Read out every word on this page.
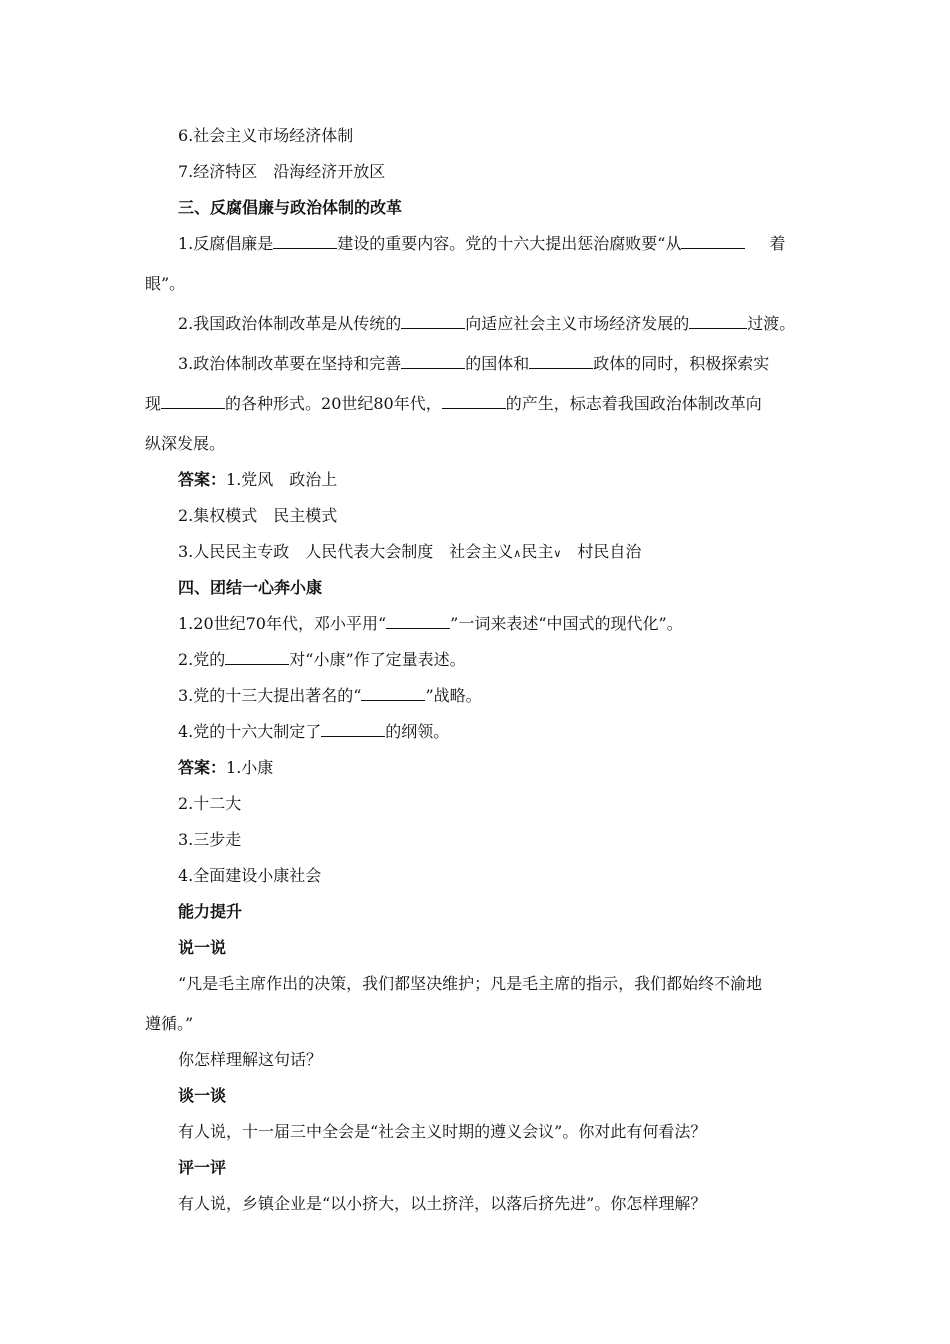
6.社会主义市场经济体制
7.经济特区　沿海经济开放区
三、反腐倡廉与政治体制的改革
1.反腐倡廉是	建设的重要内容。党的十六大提出惩治腐败要“从	着
眼”。
2.我国政治体制改革是从传统的	向适应社会主义市场经济发展的	过渡。
3.政治体制改革要在坚持和完善	的国体和	政体的同时，积极探索实
现	的各种形式。20世纪80年代，	的产生，标志着我国政治体制改革向
纵深发展。
答案：1.党风　政治上
2.集权模式　民主模式
3.人民民主专政　人民代表大会制度　社会主义∧民主∨　村民自治
四、团结一心奔小康
1.20世纪70年代，邓小平用“	”一词来表述“中国式的现代化”。
2.党的	对“小康”作了定量表述。
3.党的十三大提出著名的“	”战略。
4.党的十六大制定了	的纲领。
答案：1.小康
2.十二大
3.三步走
4.全面建设小康社会
能力提升
说一说
“凡是毛主席作出的决策，我们都坚决维护；凡是毛主席的指示，我们都始终不渝地
遵循。”
你怎样理解这句话？
谈一谈
有人说，十一届三中全会是“社会主义时期的遵义会议”。你对此有何看法？
评一评
有人说，乡镇企业是“以小挤大，以土挤洋，以落后挤先进”。你怎样理解？
